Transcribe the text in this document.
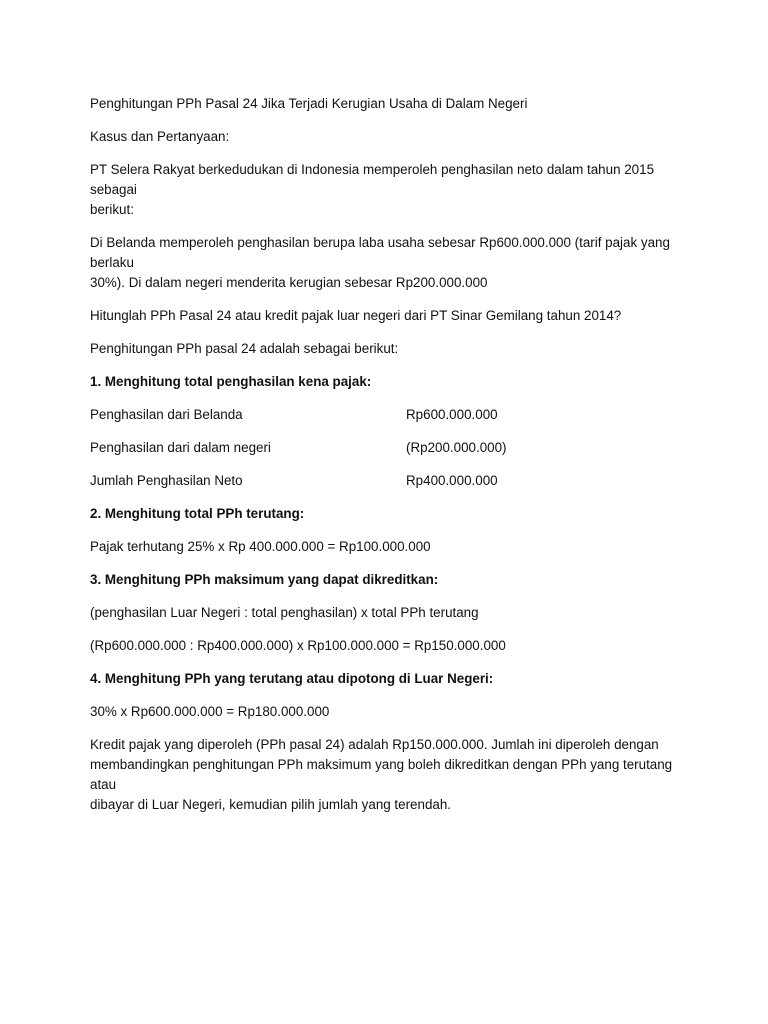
Penghitungan PPh Pasal 24 Jika Terjadi Kerugian Usaha di Dalam Negeri

Kasus dan Pertanyaan:

PT Selera Rakyat berkedudukan di Indonesia memperoleh penghasilan neto dalam tahun 2015 sebagai

berikut:

Di Belanda memperoleh penghasilan berupa laba usaha sebesar Rp600.000.000 (tarif pajak yang berlaku

30%). Di dalam negeri menderita kerugian sebesar Rp200.000.000

Hitunglah PPh Pasal 24 atau kredit pajak luar negeri dari PT Sinar Gemilang tahun 2014?

Penghitungan PPh pasal 24 adalah sebagai berikut:

1. Menghitung total penghasilan kena pajak:

Penghasilan dari Belanda	Rp600.000.000
Penghasilan dari dalam negeri	(Rp200.000.000)
Jumlah Penghasilan Neto	Rp400.000.000

2. Menghitung total PPh terutang:

Pajak terhutang 25% x Rp 400.000.000 = Rp100.000.000

3. Menghitung PPh maksimum yang dapat dikreditkan:

(penghasilan Luar Negeri : total penghasilan) x total PPh terutang

(Rp600.000.000 : Rp400.000.000) x Rp100.000.000 = Rp150.000.000

4. Menghitung PPh yang terutang atau dipotong di Luar Negeri:

30% x Rp600.000.000 = Rp180.000.000

Kredit pajak yang diperoleh (PPh pasal 24) adalah Rp150.000.000. Jumlah ini diperoleh dengan

membandingkan penghitungan PPh maksimum yang boleh dikreditkan dengan PPh yang terutang atau

dibayar di Luar Negeri, kemudian pilih jumlah yang terendah.
